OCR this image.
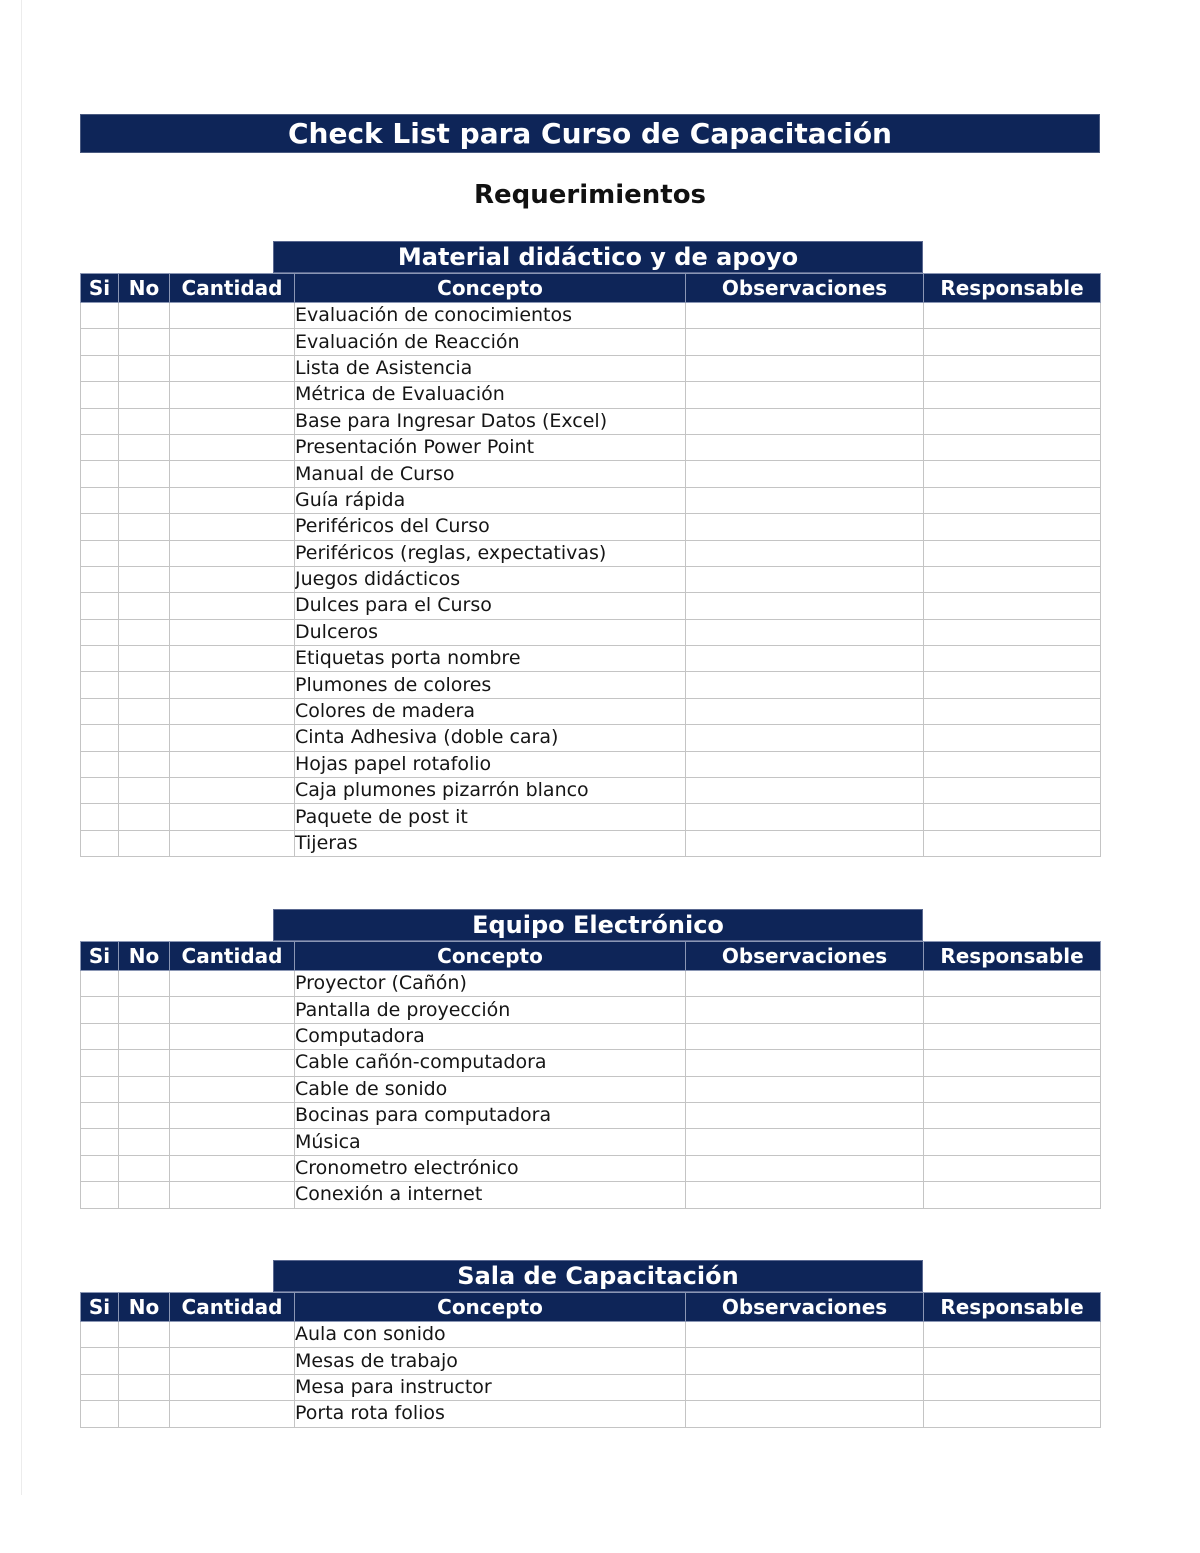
Check List para Curso de Capacitación
Requerimientos
Material didáctico y de apoyo
Si	No	Cantidad	Concepto	Observaciones	Responsable
			Evaluación de conocimientos		
			Evaluación de Reacción		
			Lista de Asistencia		
			Métrica de Evaluación		
			Base para Ingresar Datos (Excel)		
			Presentación Power Point		
			Manual de Curso		
			Guía rápida		
			Periféricos del Curso		
			Periféricos (reglas, expectativas)		
			Juegos didácticos		
			Dulces para el Curso		
			Dulceros		
			Etiquetas porta nombre		
			Plumones de colores		
			Colores de madera		
			Cinta Adhesiva (doble cara)		
			Hojas papel rotafolio		
			Caja plumones pizarrón blanco		
			Paquete de post it		
			Tijeras		
Equipo Electrónico
Si	No	Cantidad	Concepto	Observaciones	Responsable
			Proyector (Cañón)		
			Pantalla de proyección		
			Computadora		
			Cable cañón-computadora		
			Cable de sonido		
			Bocinas para computadora		
			Música		
			Cronometro electrónico		
			Conexión a internet		
Sala de Capacitación
Si	No	Cantidad	Concepto	Observaciones	Responsable
			Aula con sonido		
			Mesas de trabajo		
			Mesa para instructor		
			Porta rota folios		
